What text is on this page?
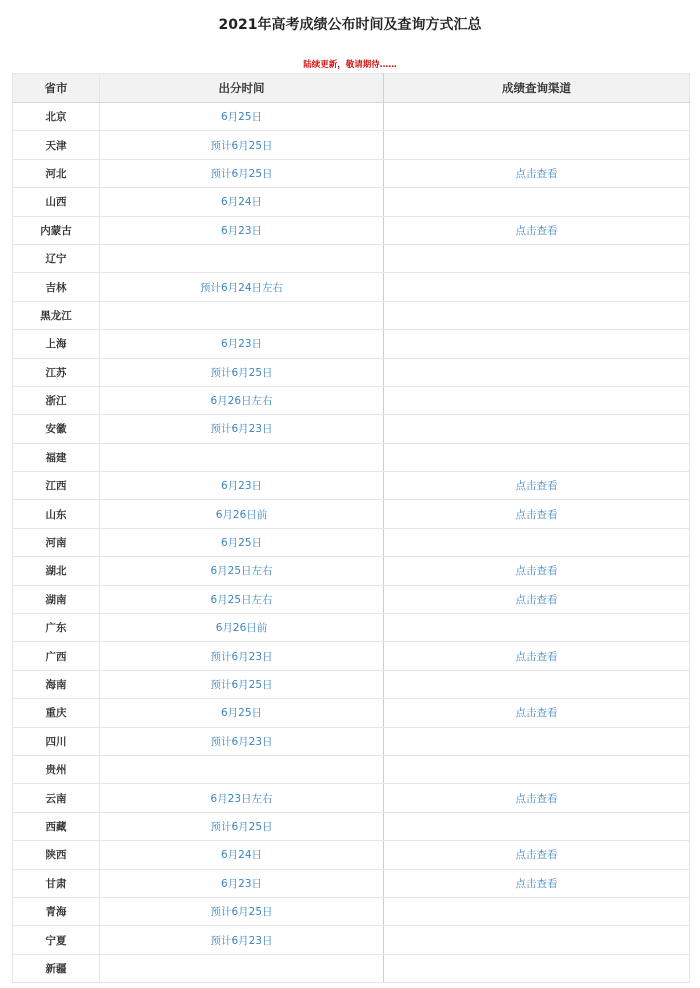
2021年高考成绩公布时间及查询方式汇总
陆续更新，敬请期待……
省市	出分时间	成绩查询渠道
北京	6月25日	
天津	预计6月25日	
河北	预计6月25日	点击查看
山西	6月24日	
内蒙古	6月23日	点击查看
辽宁		
吉林	预计6月24日左右	
黑龙江		
上海	6月23日	
江苏	预计6月25日	
浙江	6月26日左右	
安徽	预计6月23日	
福建		
江西	6月23日	点击查看
山东	6月26日前	点击查看
河南	6月25日	
湖北	6月25日左右	点击查看
湖南	6月25日左右	点击查看
广东	6月26日前	
广西	预计6月23日	点击查看
海南	预计6月25日	
重庆	6月25日	点击查看
四川	预计6月23日	
贵州		
云南	6月23日左右	点击查看
西藏	预计6月25日	
陕西	6月24日	点击查看
甘肃	6月23日	点击查看
青海	预计6月25日	
宁夏	预计6月23日	
新疆		
